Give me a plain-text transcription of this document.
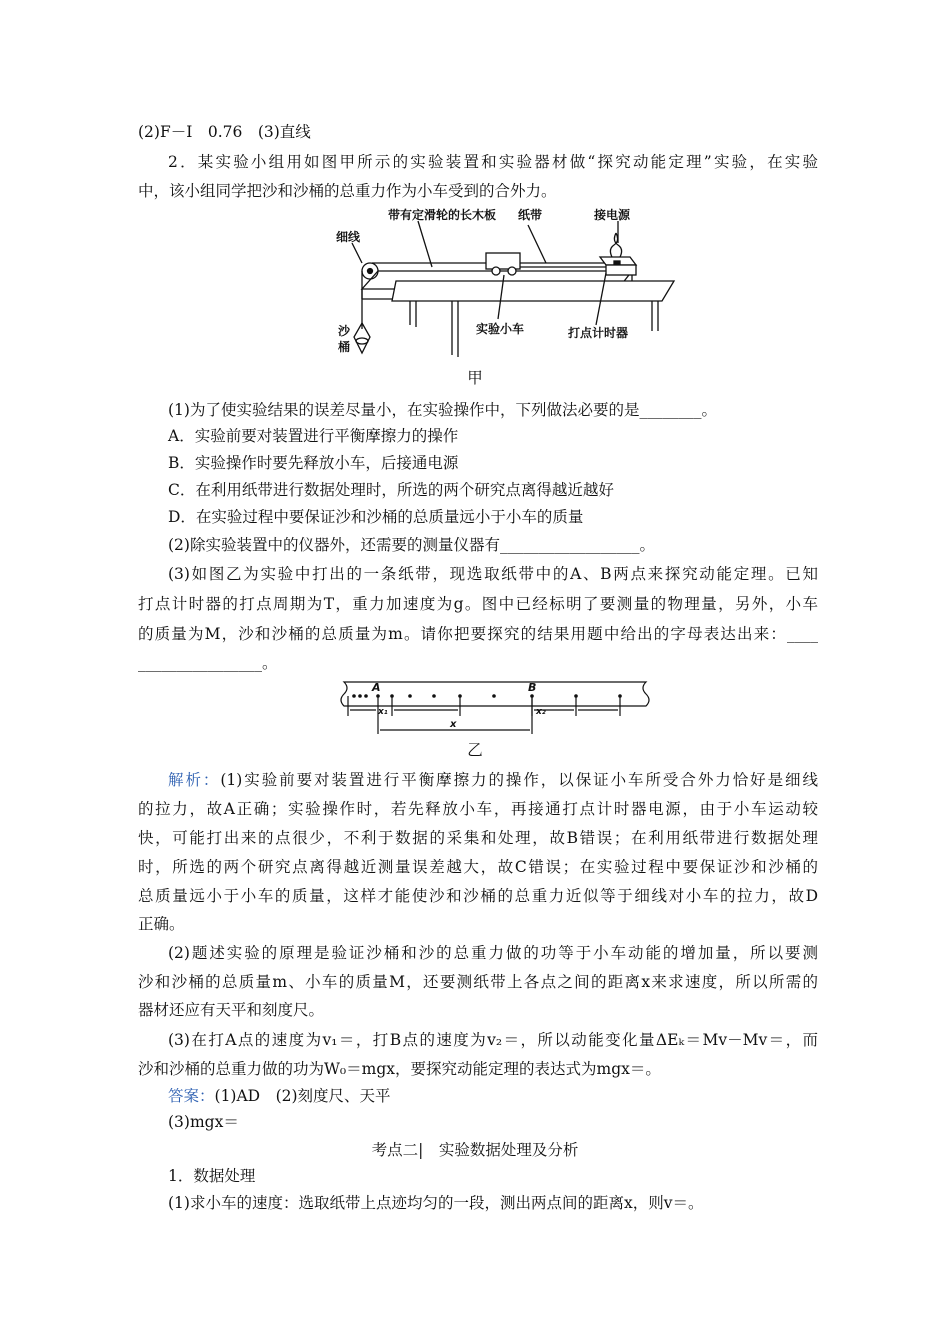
(2)F－I　0.76　(3)直线
2．某实验小组用如图甲所示的实验装置和实验器材做“探究动能定理”实验，在实验
中，该小组同学把沙和沙桶的总重力作为小车受到的合外力。
带有定滑轮的长木板 纸带	接电源
细线
沙
桶
实验小车	打点计时器
甲
(1)为了使实验结果的误差尽量小，在实验操作中，下列做法必要的是________。
A．实验前要对装置进行平衡摩擦力的操作
B．实验操作时要先释放小车，后接通电源
C．在利用纸带进行数据处理时，所选的两个研究点离得越近越好
D．在实验过程中要保证沙和沙桶的总质量远小于小车的质量
(2)除实验装置中的仪器外，还需要的测量仪器有__________________。
(3)如图乙为实验中打出的一条纸带，现选取纸带中的A、B两点来探究动能定理。已知
打点计时器的打点周期为T，重力加速度为g。图中已经标明了要测量的物理量，另外，小车
的质量为M，沙和沙桶的总质量为m。请你把要探究的结果用题中给出的字母表达出来：____
________________。
A	B
x₁	x₂
x
乙
解析：(1)实验前要对装置进行平衡摩擦力的操作，以保证小车所受合外力恰好是细线
的拉力，故A正确；实验操作时，若先释放小车，再接通打点计时器电源，由于小车运动较
快，可能打出来的点很少，不利于数据的采集和处理，故B错误；在利用纸带进行数据处理
时，所选的两个研究点离得越近测量误差越大，故C错误；在实验过程中要保证沙和沙桶的
总质量远小于小车的质量，这样才能使沙和沙桶的总重力近似等于细线对小车的拉力，故D
正确。
(2)题述实验的原理是验证沙桶和沙的总重力做的功等于小车动能的增加量，所以要测
沙和沙桶的总质量m、小车的质量M，还要测纸带上各点之间的距离x来求速度，所以所需的
器材还应有天平和刻度尺。
(3)在打A点的速度为v₁＝，打B点的速度为v₂＝，所以动能变化量ΔEₖ＝Mv－Mv＝，而
沙和沙桶的总重力做的功为W₀＝mgx，要探究动能定理的表达式为mgx＝。
答案：(1)AD　(2)刻度尺、天平
(3)mgx＝
考点二|　实验数据处理及分析
1．数据处理
(1)求小车的速度：选取纸带上点迹均匀的一段，测出两点间的距离x，则v＝。
